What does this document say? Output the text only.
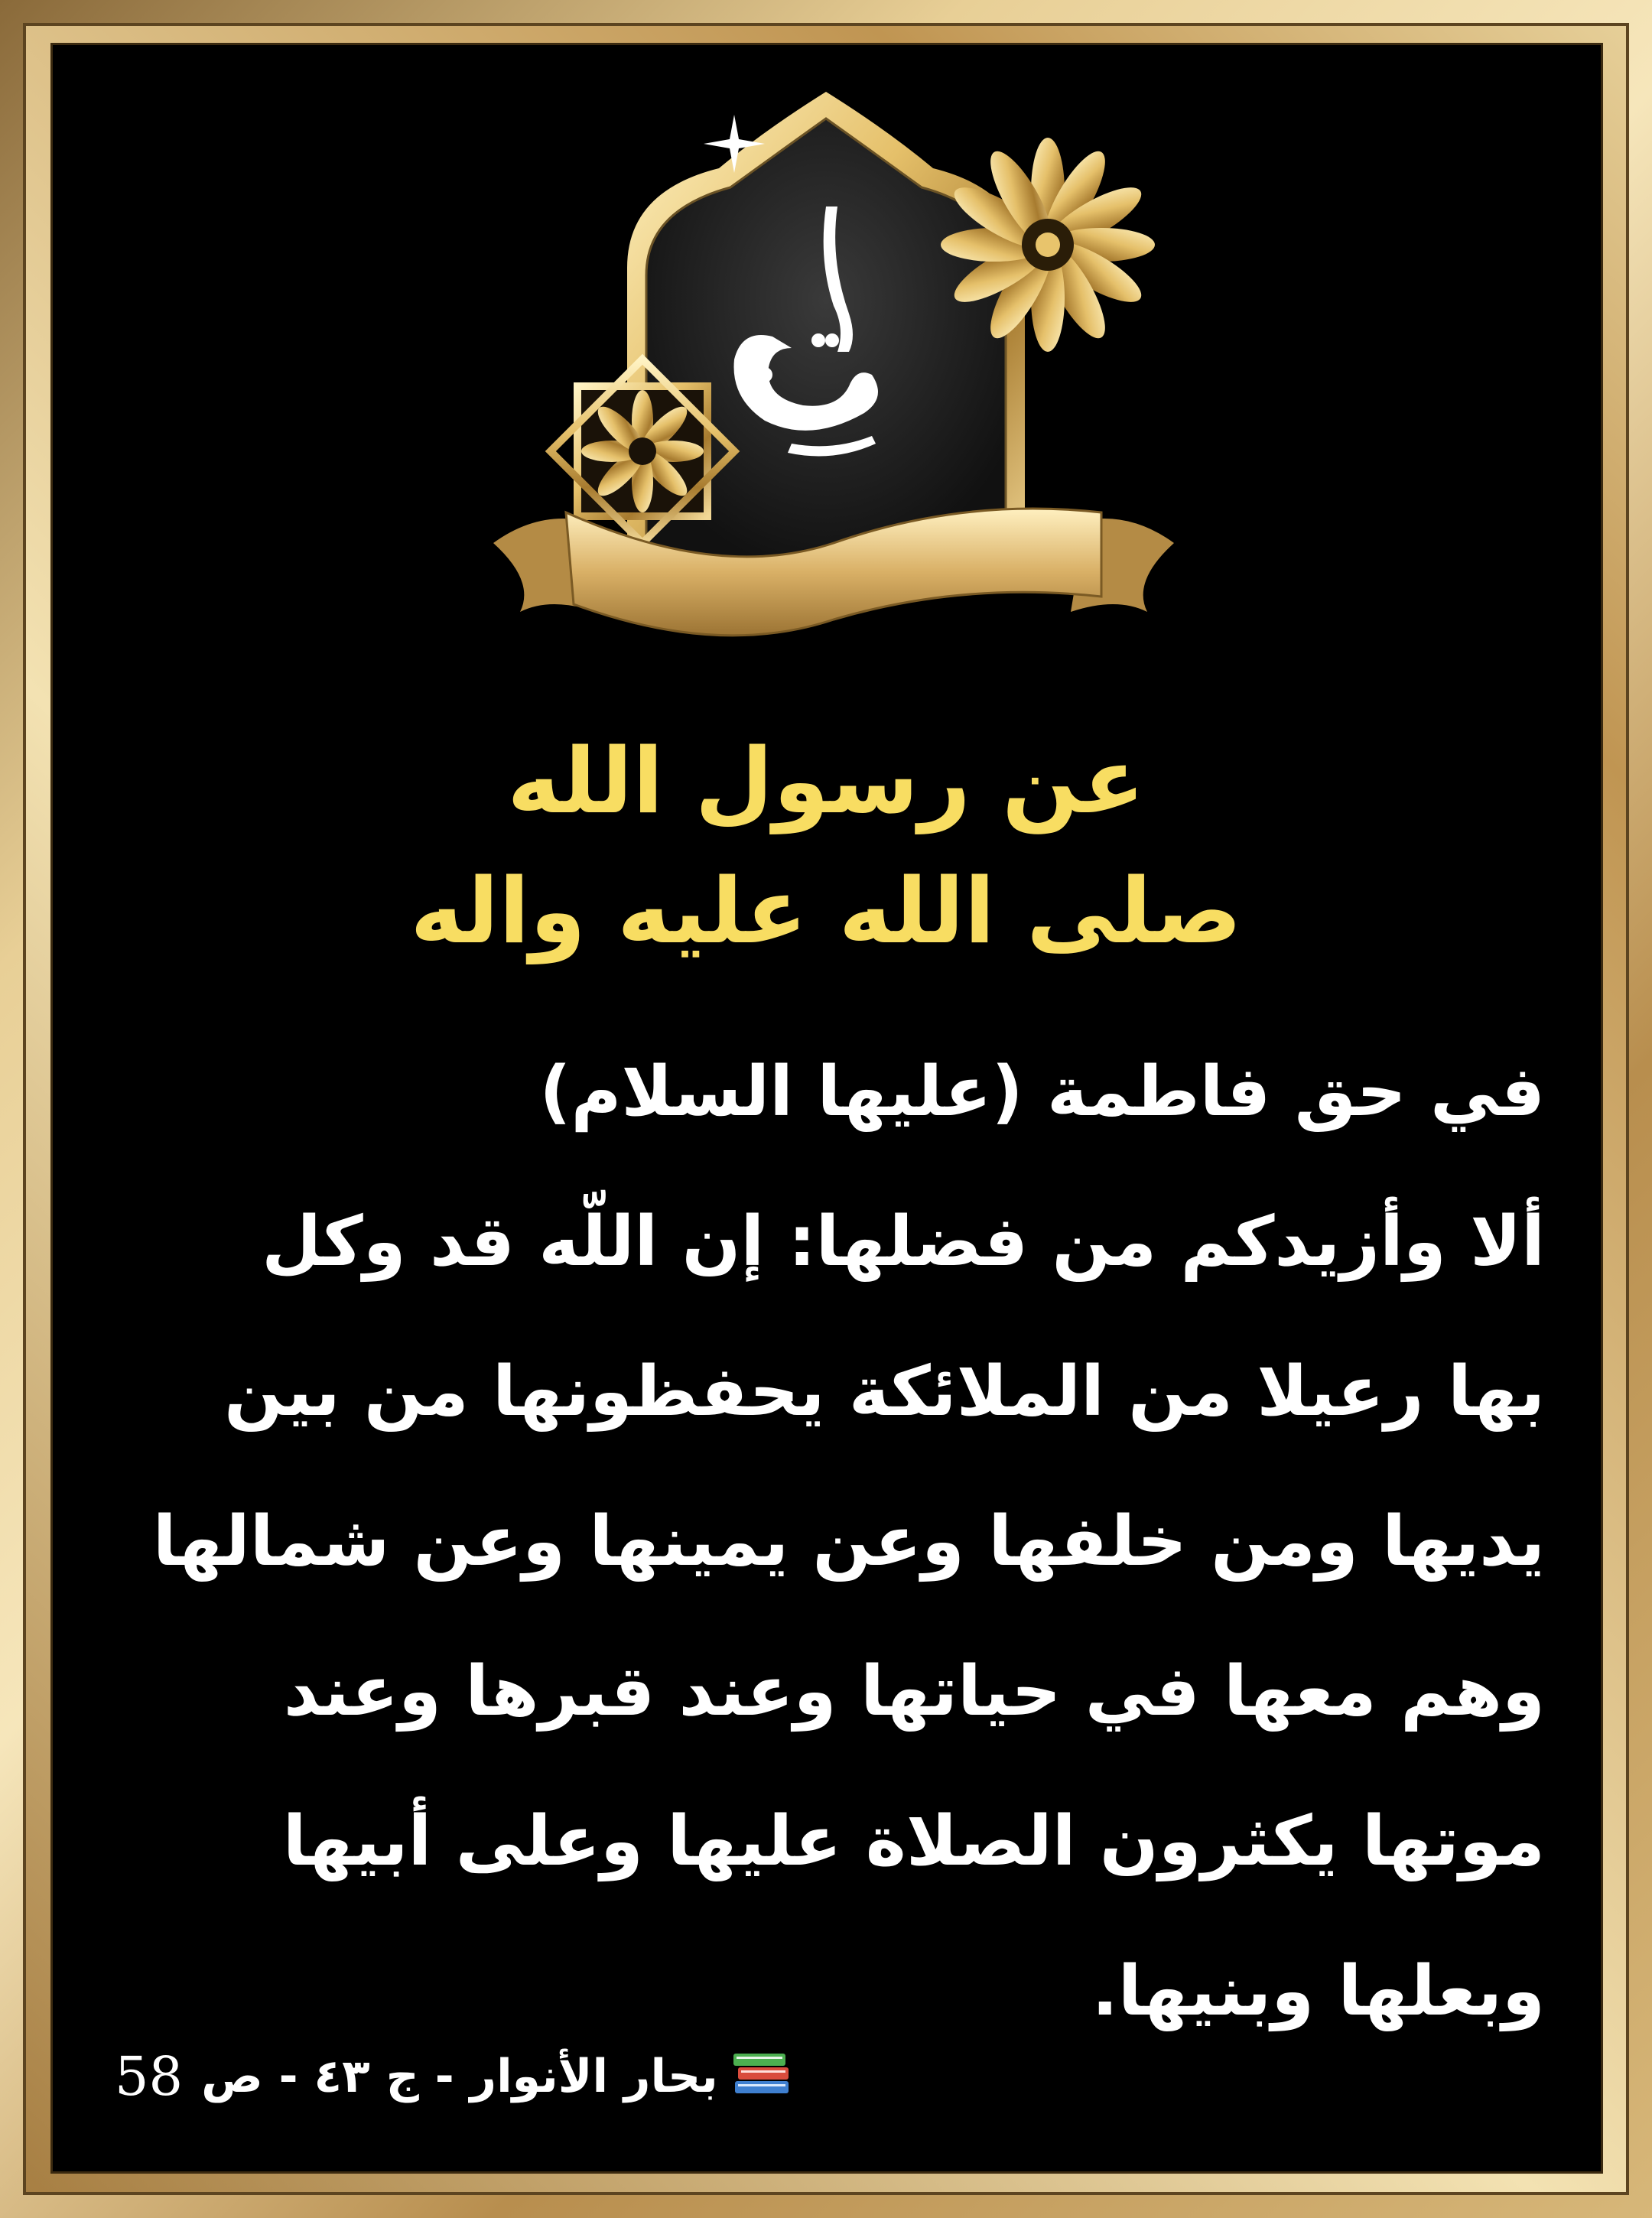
عن رسول الله
صلى الله عليه واله
في حق فاطمة (عليها السلام)
ألا وأزيدكم من فضلها: إن اللّه قد وكل
بها رعيلا من الملائكة يحفظونها من بين
يديها ومن خلفها وعن يمينها وعن شمالها
وهم معها في حياتها وعند قبرها وعند
موتها يكثرون الصلاة عليها وعلى أبيها
وبعلها وبنيها.
58 بحار الأنوار - ج ٤٣ - ص
